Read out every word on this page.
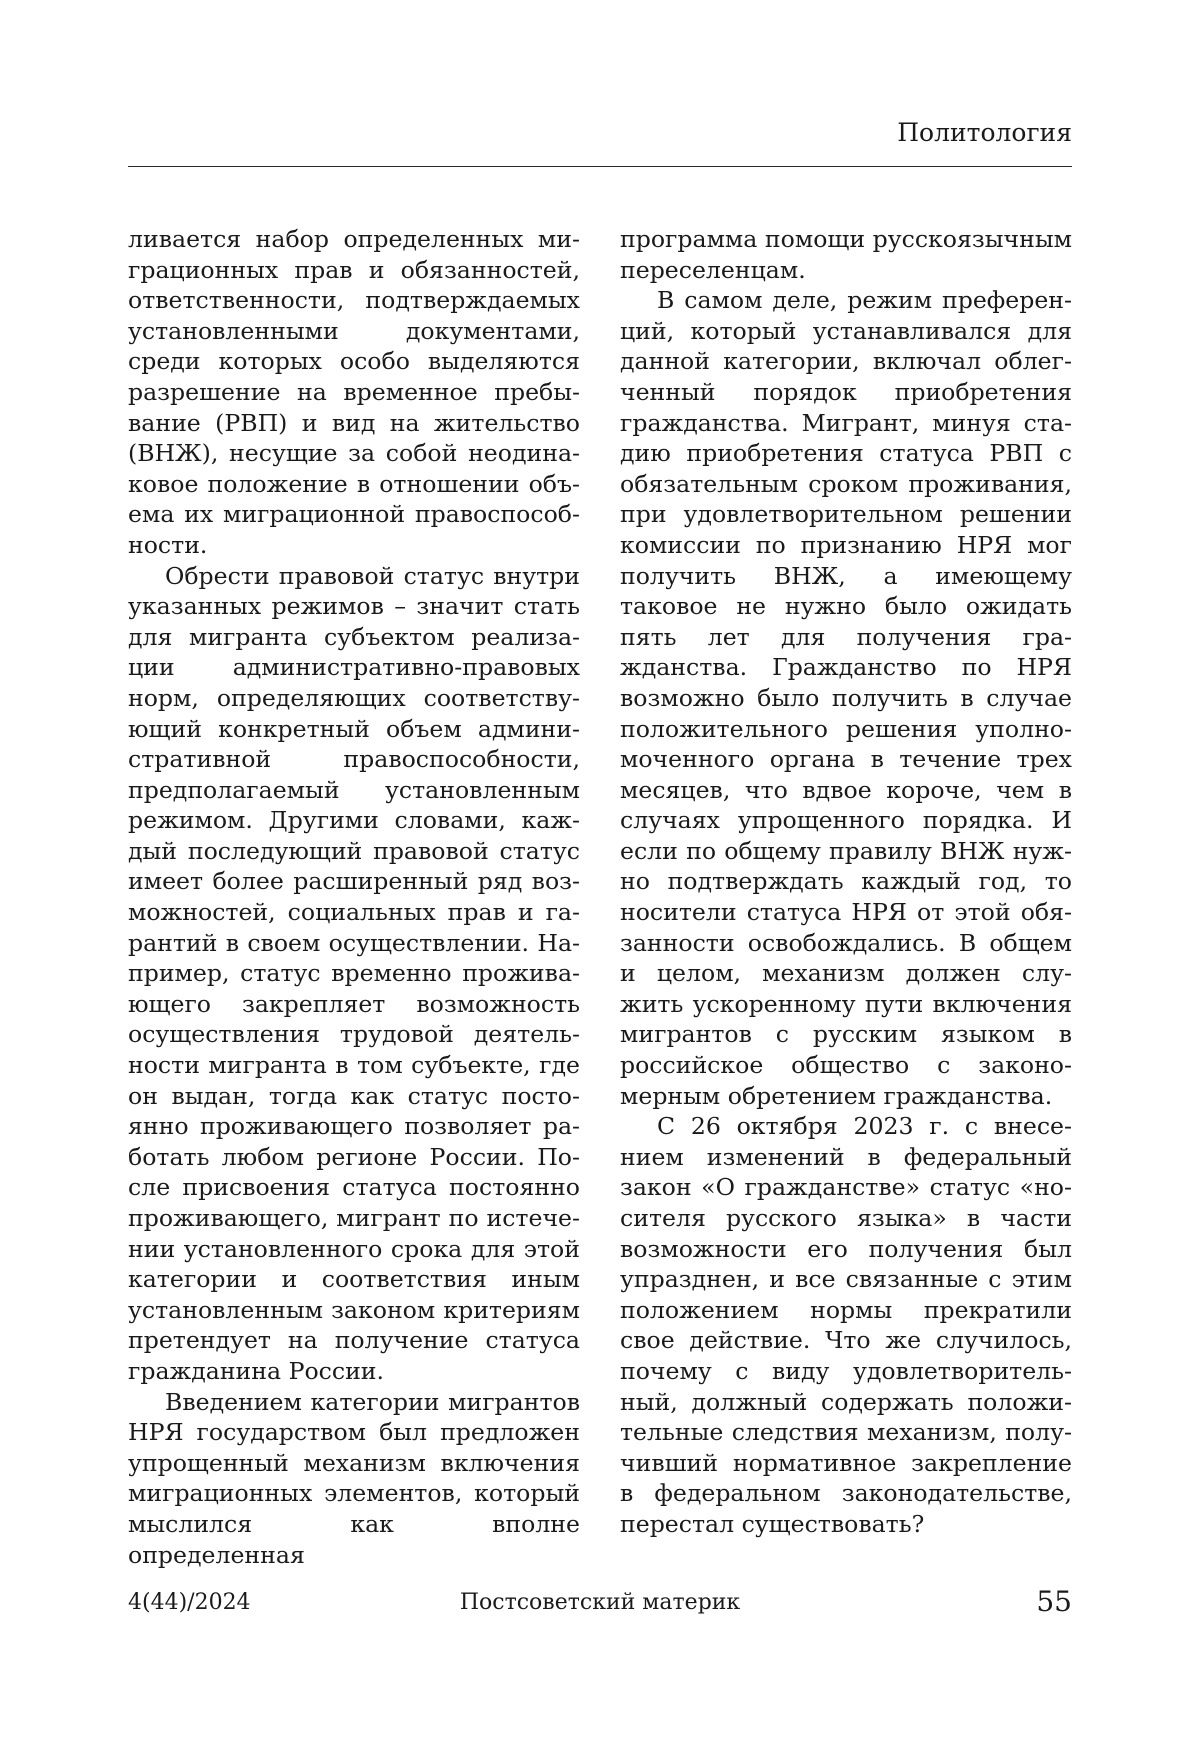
Политология

ливается набор определенных миграционных прав и обязанностей, ответственности, подтверждаемых установленными документами, среди которых особо выделяются разрешение на временное пребывание (РВП) и вид на жительство (ВНЖ), несущие за собой неодинаковое положение в отношении объема их миграционной правоспособности.

Обрести правовой статус внутри указанных режимов – значит стать для мигранта субъектом реализации административно-правовых норм, определяющих соответствующий конкретный объем административной правоспособности, предполагаемый установленным режимом. Другими словами, каждый последующий правовой статус имеет более расширенный ряд возможностей, социальных прав и гарантий в своем осуществлении. Например, статус временно проживающего закрепляет возможность осуществления трудовой деятельности мигранта в том субъекте, где он выдан, тогда как статус постоянно проживающего позволяет работать любом регионе России. После присвоения статуса постоянно проживающего, мигрант по истечении установленного срока для этой категории и соответствия иным установленным законом критериям претендует на получение статуса гражданина России.

Введением категории мигрантов НРЯ государством был предложен упрощенный механизм включения миграционных элементов, который мыслился как вполне определенная

программа помощи русскоязычным переселенцам.

В самом деле, режим преференций, который устанавливался для данной категории, включал облегченный порядок приобретения гражданства. Мигрант, минуя стадию приобретения статуса РВП с обязательным сроком проживания, при удовлетворительном решении комиссии по признанию НРЯ мог получить ВНЖ, а имеющему таковое не нужно было ожидать пять лет для получения гражданства. Гражданство по НРЯ возможно было получить в случае положительного решения уполномоченного органа в течение трех месяцев, что вдвое короче, чем в случаях упрощенного порядка. И если по общему правилу ВНЖ нужно подтверждать каждый год, то носители статуса НРЯ от этой обязанности освобождались. В общем и целом, механизм должен служить ускоренному пути включения мигрантов с русским языком в российское общество с закономерным обретением гражданства.

С 26 октября 2023 г. с внесением изменений в федеральный закон «О гражданстве» статус «носителя русского языка» в части возможности его получения был упразднен, и все связанные с этим положением нормы прекратили свое действие. Что же случилось, почему с виду удовлетворительный, должный содержать положительные следствия механизм, получивший нормативное закрепление в федеральном законодательстве, перестал существовать?

4(44)/2024	Постсоветский материк	55
